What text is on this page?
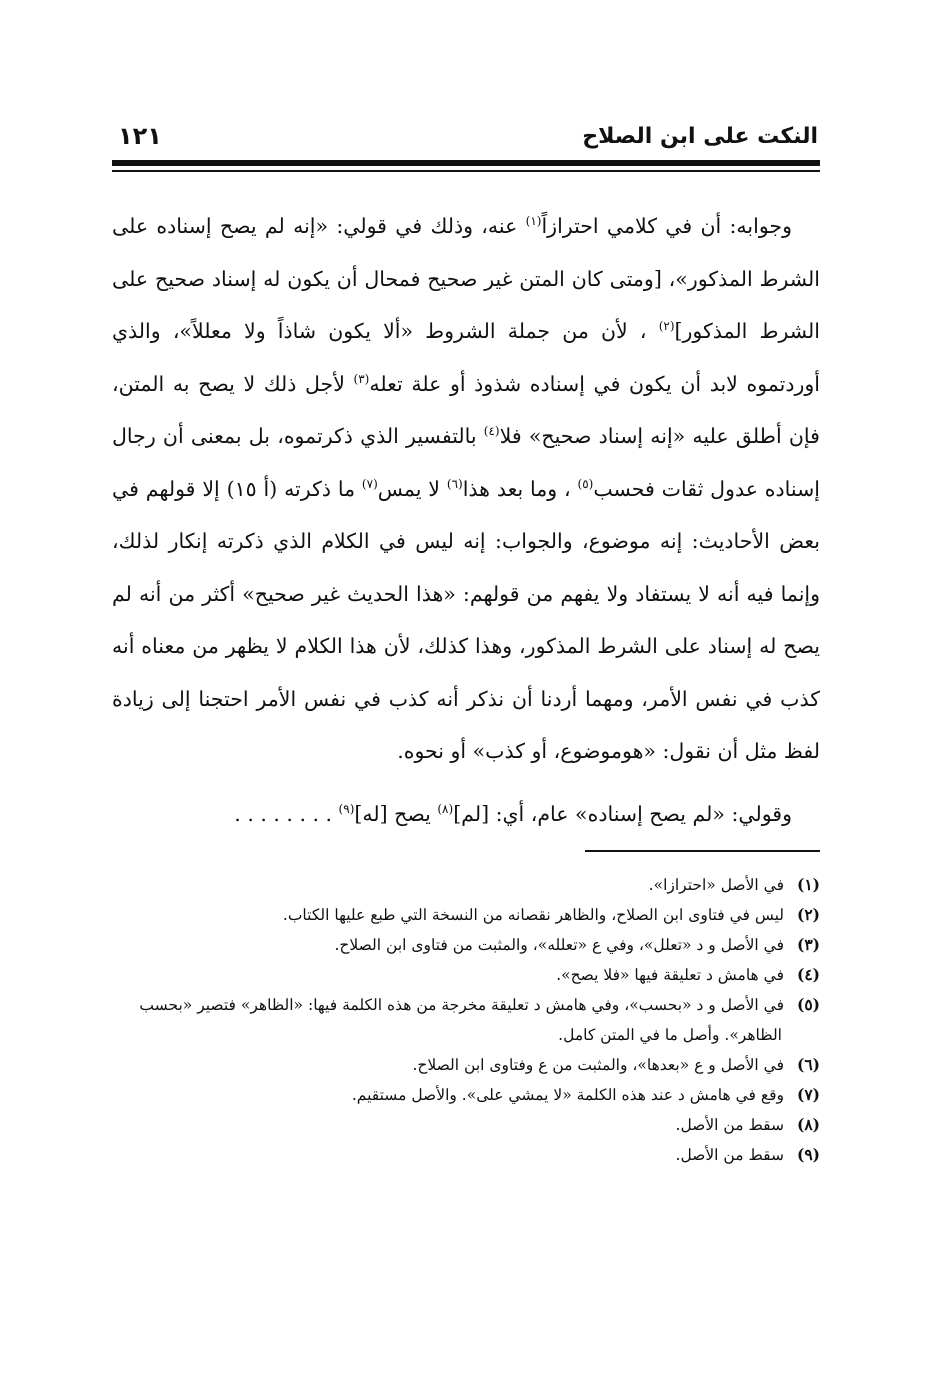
النكت على ابن الصلاح
١٢١

وجوابه: أن في كلامي احترازاً$^{(١)}$ عنه، وذلك في قولي: «إنه لم يصح إسناده على الشرط المذكور»، [ومتى كان المتن غير صحيح فمحال أن يكون له إسناد صحيح على الشرط المذكور]$^{(٢)}$ ، لأن من جملة الشروط «ألا يكون شاذاً ولا معللاً»، والذي أوردتموه لابد أن يكون في إسناده شذوذ أو علة تعله$^{(٣)}$ لأجل ذلك لا يصح به المتن، فإن أطلق عليه «إنه إسناد صحيح» فلا$^{(٤)}$ بالتفسير الذي ذكرتموه، بل بمعنى أن رجال إسناده عدول ثقات فحسب$^{(٥)}$ ، وما بعد هذا$^{(٦)}$ لا يمس$^{(٧)}$ ما ذكرته (أ ١٥) إلا قولهم في بعض الأحاديث: إنه موضوع، والجواب: إنه ليس في الكلام الذي ذكرته إنكار لذلك، وإنما فيه أنه لا يستفاد ولا يفهم من قولهم: «هذا الحديث غير صحيح» أكثر من أنه لم يصح له إسناد على الشرط المذكور، وهذا كذلك، لأن هذا الكلام لا يظهر من معناه أنه كذب في نفس الأمر، ومهما أردنا أن نذكر أنه كذب في نفس الأمر احتجنا إلى زيادة لفظ مثل أن نقول: «هوموضوع، أو كذب» أو نحوه.

وقولي: «لم يصح إسناده» عام، أي: [لم]$^{(٨)}$ يصح [له]$^{(٩)}$ . . . . . . . .

(١)في الأصل «احترازا».

(٢)ليس في فتاوى ابن الصلاح، والظاهر نقصانه من النسخة التي طبع عليها الكتاب.

(٣)في الأصل و د «تعلل»، وفي ع «تعلله»، والمثبت من فتاوى ابن الصلاح.

(٤)في هامش د تعليقة فيها «فلا يصح».

(٥)في الأصل و د «بحسب»، وفي هامش د تعليقة مخرجة من هذه الكلمة فيها: «الظاهر» فتصير «بحسب الظاهر». وأصل ما في المتن كامل.

(٦)في الأصل و ع «بعدها»، والمثبت من ع وفتاوى ابن الصلاح.

(٧)وقع في هامش د عند هذه الكلمة «لا يمشي على». والأصل مستقيم.

(٨)سقط من الأصل.

(٩)سقط من الأصل.
